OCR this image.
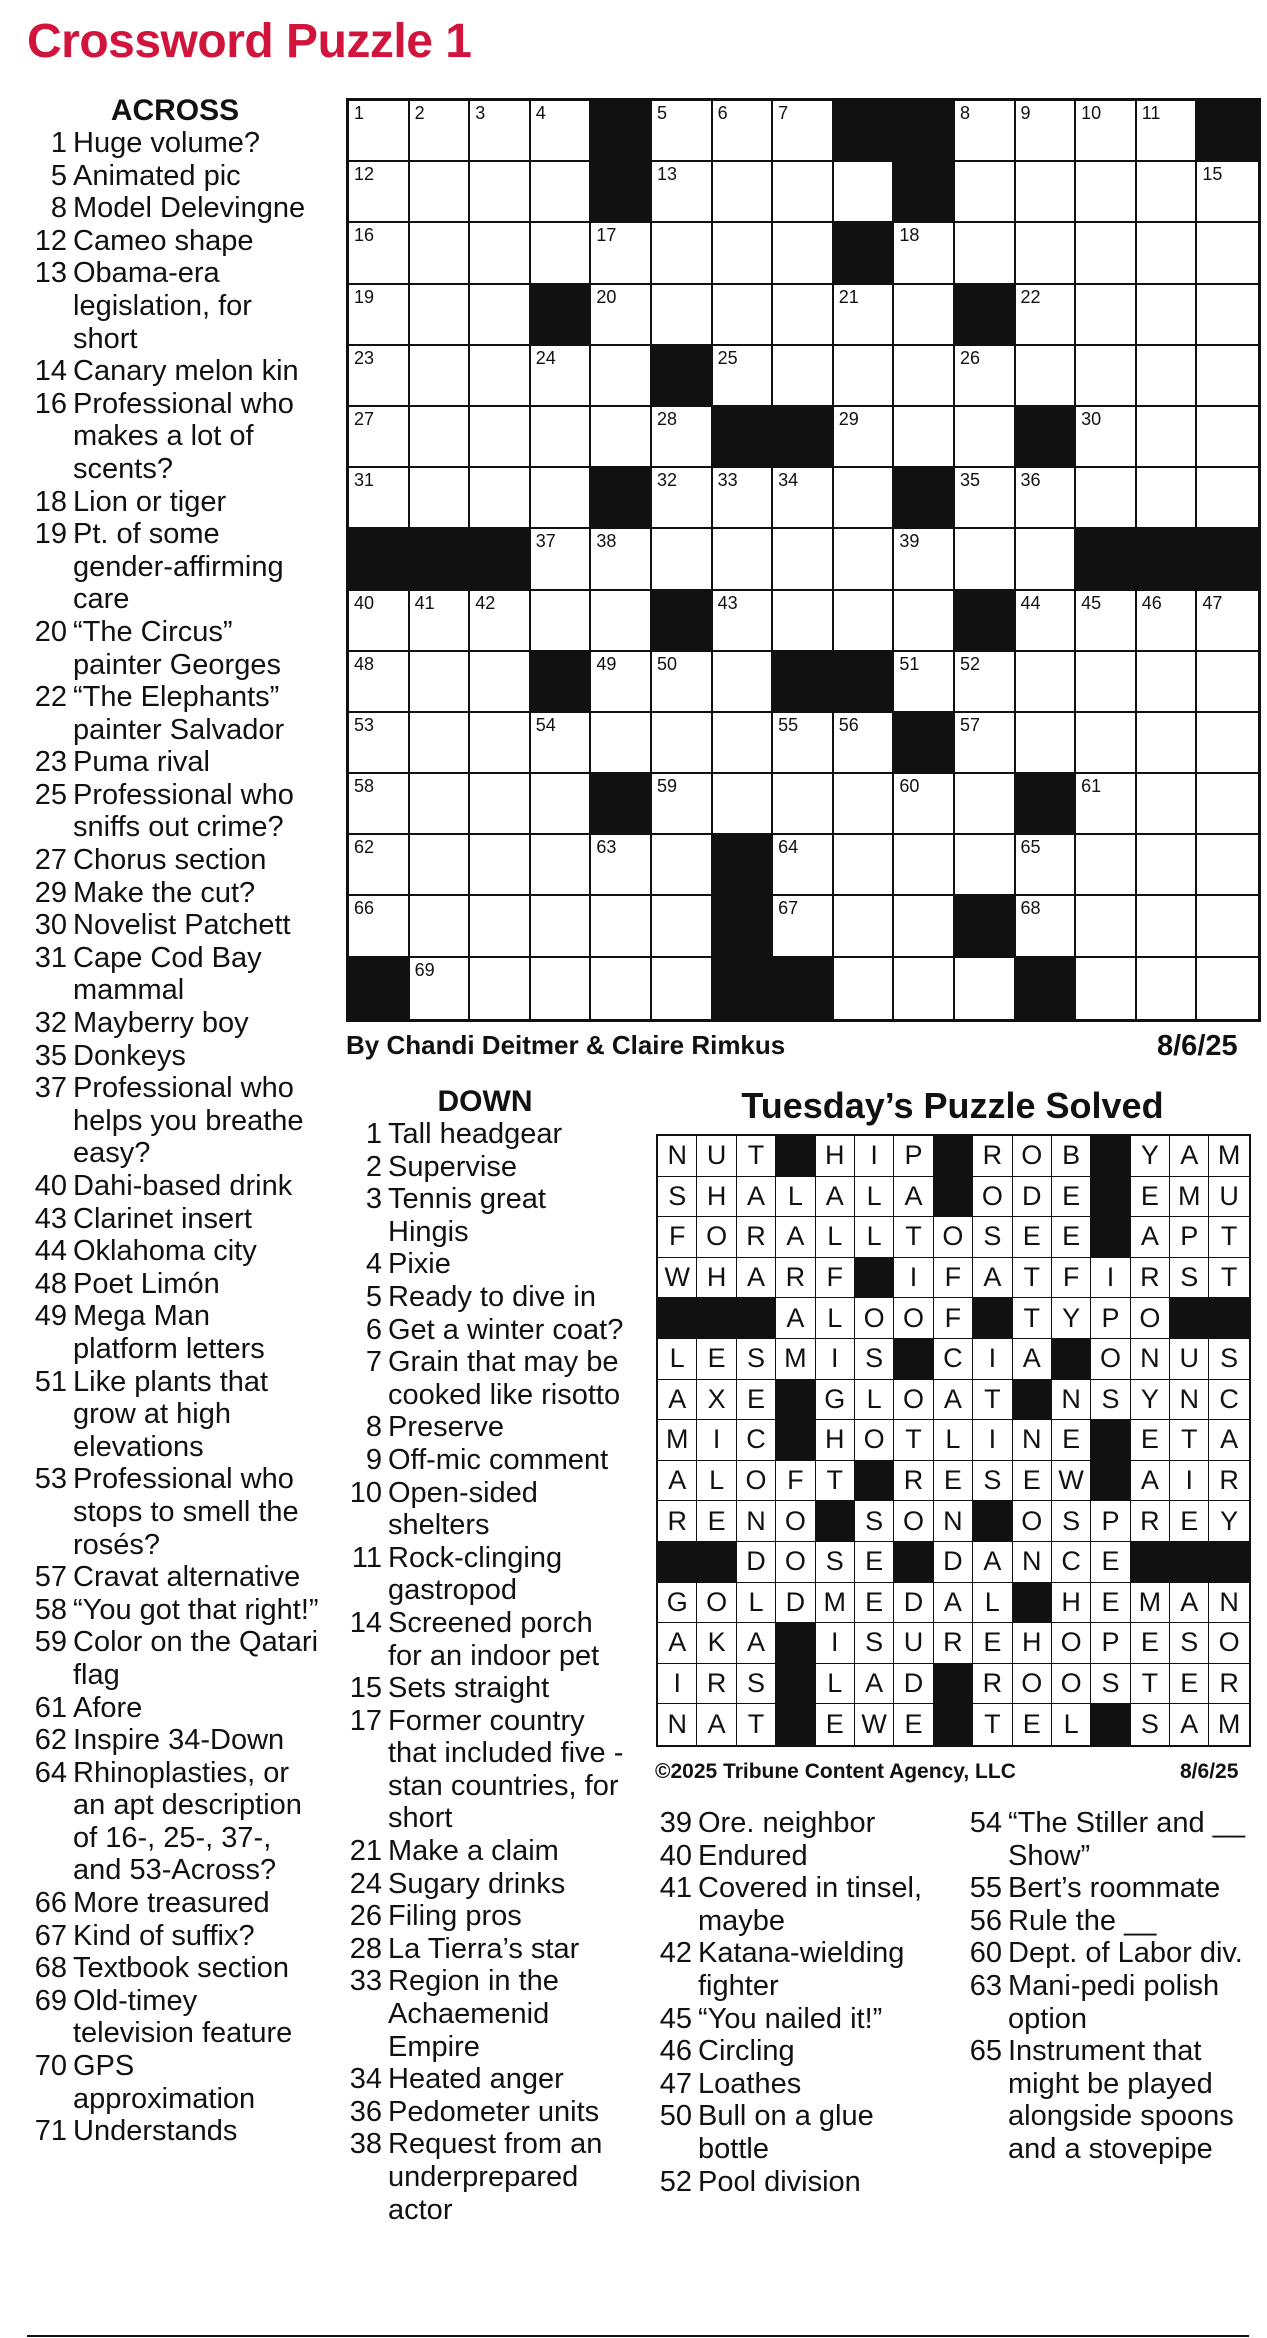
Crossword Puzzle 1
ACROSS
1 Huge volume?
5 Animated pic
8 Model Delevingne
12 Cameo shape
13 Obama-era legislation, for short
14 Canary melon kin
16 Professional who makes a lot of scents?
18 Lion or tiger
19 Pt. of some gender-affirming care
20 “The Circus” painter Georges
22 “The Elephants” painter Salvador
23 Puma rival
25 Professional who sniffs out crime?
27 Chorus section
29 Make the cut?
30 Novelist Patchett
31 Cape Cod Bay mammal
32 Mayberry boy
35 Donkeys
37 Professional who helps you breathe easy?
40 Dahi-based drink
43 Clarinet insert
44 Oklahoma city
48 Poet Limón
49 Mega Man platform letters
51 Like plants that grow at high elevations
53 Professional who stops to smell the rosés?
57 Cravat alternative
58 “You got that right!”
59 Color on the Qatari flag
61 Afore
62 Inspire 34-Down
64 Rhinoplasties, or an apt description of 16-, 25-, 37-, and 53-Across?
66 More treasured
67 Kind of suffix?
68 Textbook section
69 Old-timey television feature
70 GPS approximation
71 Understands
1	2	3	4	5	6	7	8	9	10 11
12	13	15
16	17	18
19	20	21	22
23	24	25	26
27	28	29	30
31	32 33 34	35 36
37 38	39
40 41 42	43	44 45 46 47
48	49 50	51 52
53	54	55 56	57
58	59	60	61
62	63	64	65
66	67	68
69
By Chandi Deitmer & Claire Rimkus	8/6/25
DOWN
1 Tall headgear
2 Supervise
3 Tennis great Hingis
4 Pixie
5 Ready to dive in
6 Get a winter coat?
7 Grain that may be cooked like risotto
8 Preserve
9 Off-mic comment
10 Open-sided shelters
11 Rock-clinging gastropod
14 Screened porch for an indoor pet
15 Sets straight
17 Former country that included five -stan countries, for short
21 Make a claim
24 Sugary drinks
26 Filing pros
28 La Tierra’s star
33 Region in the Achaemenid Empire
34 Heated anger
36 Pedometer units
38 Request from an underprepared actor
Tuesday’s Puzzle Solved
N U T	H I P	R O B	Y A M
S H A L A L A	O D E	E M U
F O R A L L T O S E E	A P T
W H A R F	I	F A T F	I R S T
A L O O F	T Y P O
L E S M I S	C I A	O N U S
A X E	G L O A T	N S Y N C
M I C	H O T L	I N E	E T A
A L O F T	R E S E W	A I R
R E N O	S O N	O S P R E Y
D O S E	D A N C E
G O L D M E D A L	H E M A N
A K A	I S U R E H O P E S O
I R S	L A D	R O O S T E R
N A T	E W E	T E L	S A M
©2025 Tribune Content Agency, LLC	8/6/25
39 Ore. neighbor
40 Endured
41 Covered in tinsel, maybe
42 Katana-wielding fighter
45 “You nailed it!”
46 Circling
47 Loathes
50 Bull on a glue bottle
52 Pool division
54 “The Stiller and __ Show”
55 Bert’s roommate
56 Rule the __
60 Dept. of Labor div.
63 Mani-pedi polish option
65 Instrument that might be played alongside spoons and a stovepipe
